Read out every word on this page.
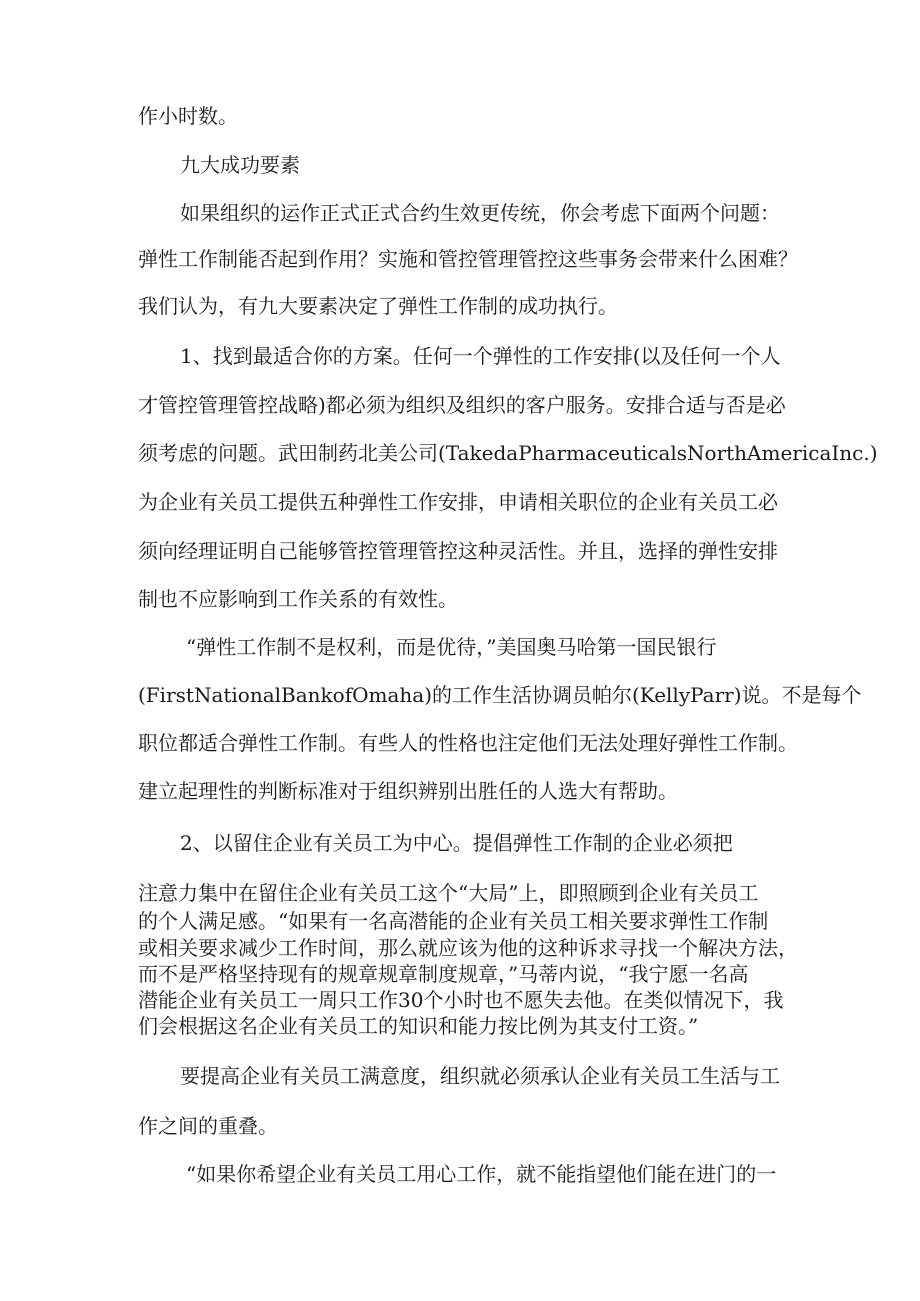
作小时数。
九大成功要素
如果组织的运作正式正式合约生效更传统，你会考虑下面两个问题：
弹性工作制能否起到作用？实施和管控管理管控这些事务会带来什么困难？
我们认为，有九大要素决定了弹性工作制的成功执行。
1、找到最适合你的方案。任何一个弹性的工作安排(以及任何一个人
才管控管理管控战略)都必须为组织及组织的客户服务。安排合适与否是必
须考虑的问题。武田制药北美公司(TakedaPharmaceuticalsNorthAmericaInc.)
为企业有关员工提供五种弹性工作安排，申请相关职位的企业有关员工必
须向经理证明自己能够管控管理管控这种灵活性。并且，选择的弹性安排
制也不应影响到工作关系的有效性。
“弹性工作制不是权利，而是优待，”美国奥马哈第一国民银行
(FirstNationalBankofOmaha)的工作生活协调员帕尔(KellyParr)说。不是每个
职位都适合弹性工作制。有些人的性格也注定他们无法处理好弹性工作制。
建立起理性的判断标准对于组织辨别出胜任的人选大有帮助。
2、以留住企业有关员工为中心。提倡弹性工作制的企业必须把
注意力集中在留住企业有关员工这个“大局”上，即照顾到企业有关员工
的个人满足感。“如果有一名高潜能的企业有关员工相关要求弹性工作制
或相关要求减少工作时间，那么就应该为他的这种诉求寻找一个解决方法，
而不是严格坚持现有的规章规章制度规章，”马蒂内说，“我宁愿一名高
潜能企业有关员工一周只工作30个小时也不愿失去他。在类似情况下，我
们会根据这名企业有关员工的知识和能力按比例为其支付工资。”
要提高企业有关员工满意度，组织就必须承认企业有关员工生活与工
作之间的重叠。
“如果你希望企业有关员工用心工作，就不能指望他们能在进门的一
